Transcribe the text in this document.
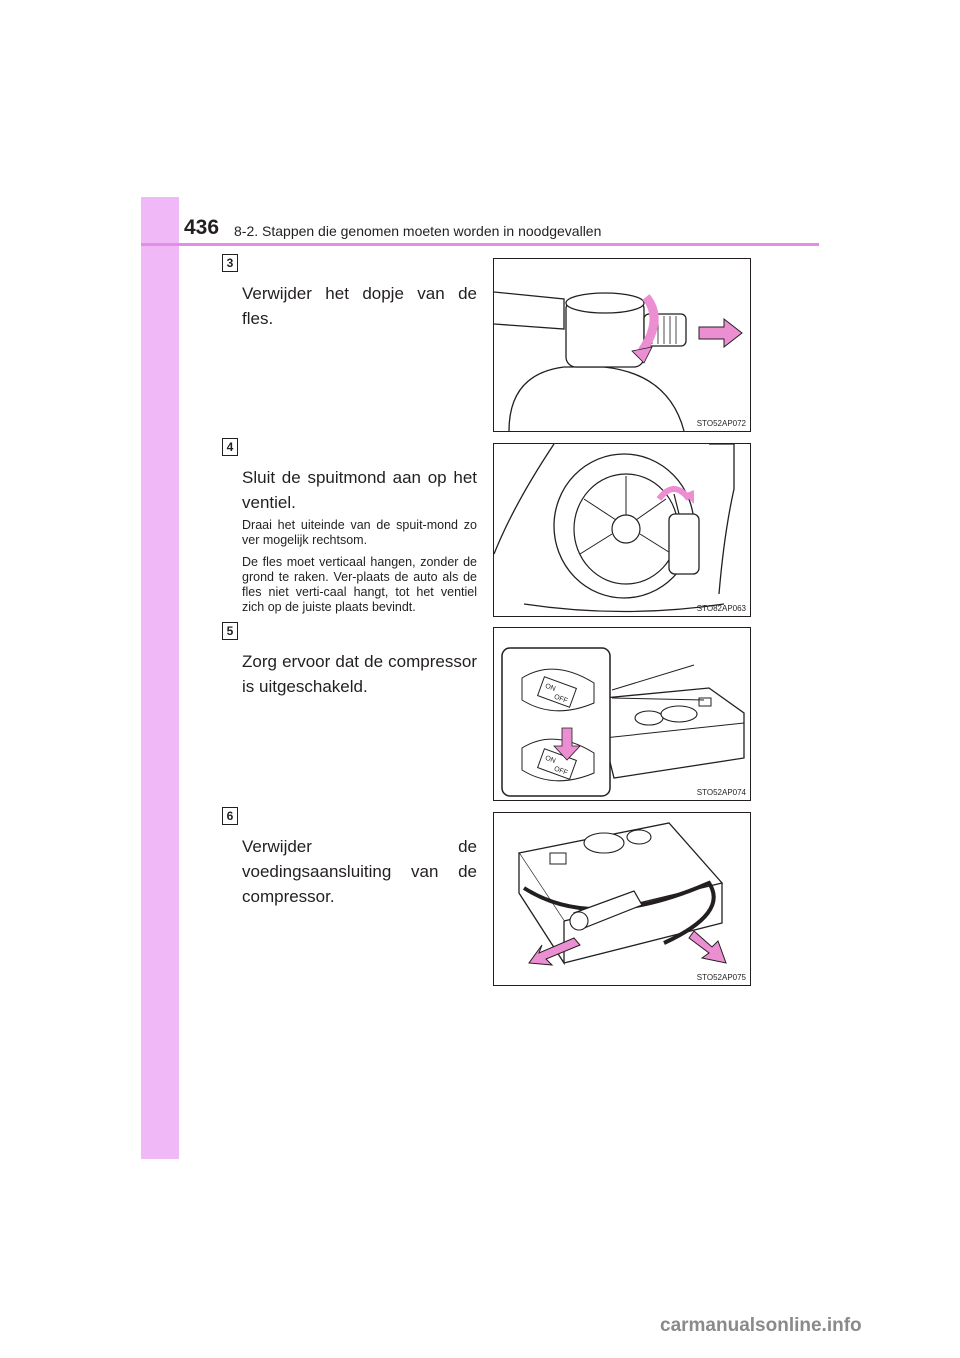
436 8-2. Stappen die genomen moeten worden in noodgevallen
3
Verwijder het dopje van de fles.
STO52AP072
4
Sluit de spuitmond aan op het ventiel.
Draai het uiteinde van de spuit-mond zo ver mogelijk rechtsom.
De fles moet verticaal hangen, zonder de grond te raken. Ver-plaats de auto als de fles niet verti-caal hangt, tot het ventiel zich op de juiste plaats bevindt.	STO82AP063
5
Zorg ervoor dat de compressor is uitgeschakeld.	ON
OFF
ON
OFF
STO52AP074
6
Verwijder de voedingsaansluiting van de compressor.
STO52AP075
carmanualsonline.info
